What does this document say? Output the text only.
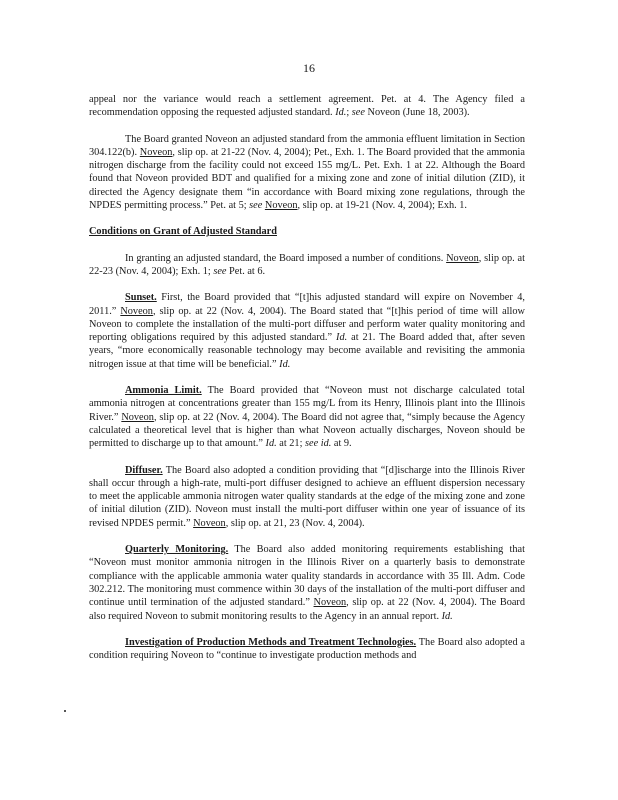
16

appeal nor the variance would reach a settlement agreement. Pet. at 4. The Agency filed a recommendation opposing the requested adjusted standard. Id.; see Noveon (June 18, 2003).

The Board granted Noveon an adjusted standard from the ammonia effluent limitation in Section 304.122(b). Noveon, slip op. at 21-22 (Nov. 4, 2004); Pet., Exh. 1. The Board provided that the ammonia nitrogen discharge from the facility could not exceed 155 mg/L. Pet. Exh. 1 at 22. Although the Board found that Noveon provided BDT and qualified for a mixing zone and zone of initial dilution (ZID), it directed the Agency designate them “in accordance with Board mixing zone regulations, through the NPDES permitting process.” Pet. at 5; see Noveon, slip op. at 19-21 (Nov. 4, 2004); Exh. 1.

Conditions on Grant of Adjusted Standard

In granting an adjusted standard, the Board imposed a number of conditions. Noveon, slip op. at 22-23 (Nov. 4, 2004); Exh. 1; see Pet. at 6.

Sunset. First, the Board provided that “[t]his adjusted standard will expire on November 4, 2011.” Noveon, slip op. at 22 (Nov. 4, 2004). The Board stated that “[t]his period of time will allow Noveon to complete the installation of the multi-port diffuser and perform water quality monitoring and reporting obligations required by this adjusted standard.” Id. at 21. The Board added that, after seven years, “more economically reasonable technology may become available and revisiting the ammonia nitrogen issue at that time will be beneficial.” Id.

Ammonia Limit. The Board provided that “Noveon must not discharge calculated total ammonia nitrogen at concentrations greater than 155 mg/L from its Henry, Illinois plant into the Illinois River.” Noveon, slip op. at 22 (Nov. 4, 2004). The Board did not agree that, “simply because the Agency calculated a theoretical level that is higher than what Noveon actually discharges, Noveon should be permitted to discharge up to that amount.” Id. at 21; see id. at 9.

Diffuser. The Board also adopted a condition providing that “[d]ischarge into the Illinois River shall occur through a high-rate, multi-port diffuser designed to achieve an effluent dispersion necessary to meet the applicable ammonia nitrogen water quality standards at the edge of the mixing zone and zone of initial dilution (ZID). Noveon must install the multi-port diffuser within one year of issuance of its revised NPDES permit.” Noveon, slip op. at 21, 23 (Nov. 4, 2004).

Quarterly Monitoring. The Board also added monitoring requirements establishing that “Noveon must monitor ammonia nitrogen in the Illinois River on a quarterly basis to demonstrate compliance with the applicable ammonia water quality standards in accordance with 35 Ill. Adm. Code 302.212. The monitoring must commence within 30 days of the installation of the multi-port diffuser and continue until termination of the adjusted standard.” Noveon, slip op. at 22 (Nov. 4, 2004). The Board also required Noveon to submit monitoring results to the Agency in an annual report. Id.

Investigation of Production Methods and Treatment Technologies. The Board also adopted a condition requiring Noveon to “continue to investigate production methods and
